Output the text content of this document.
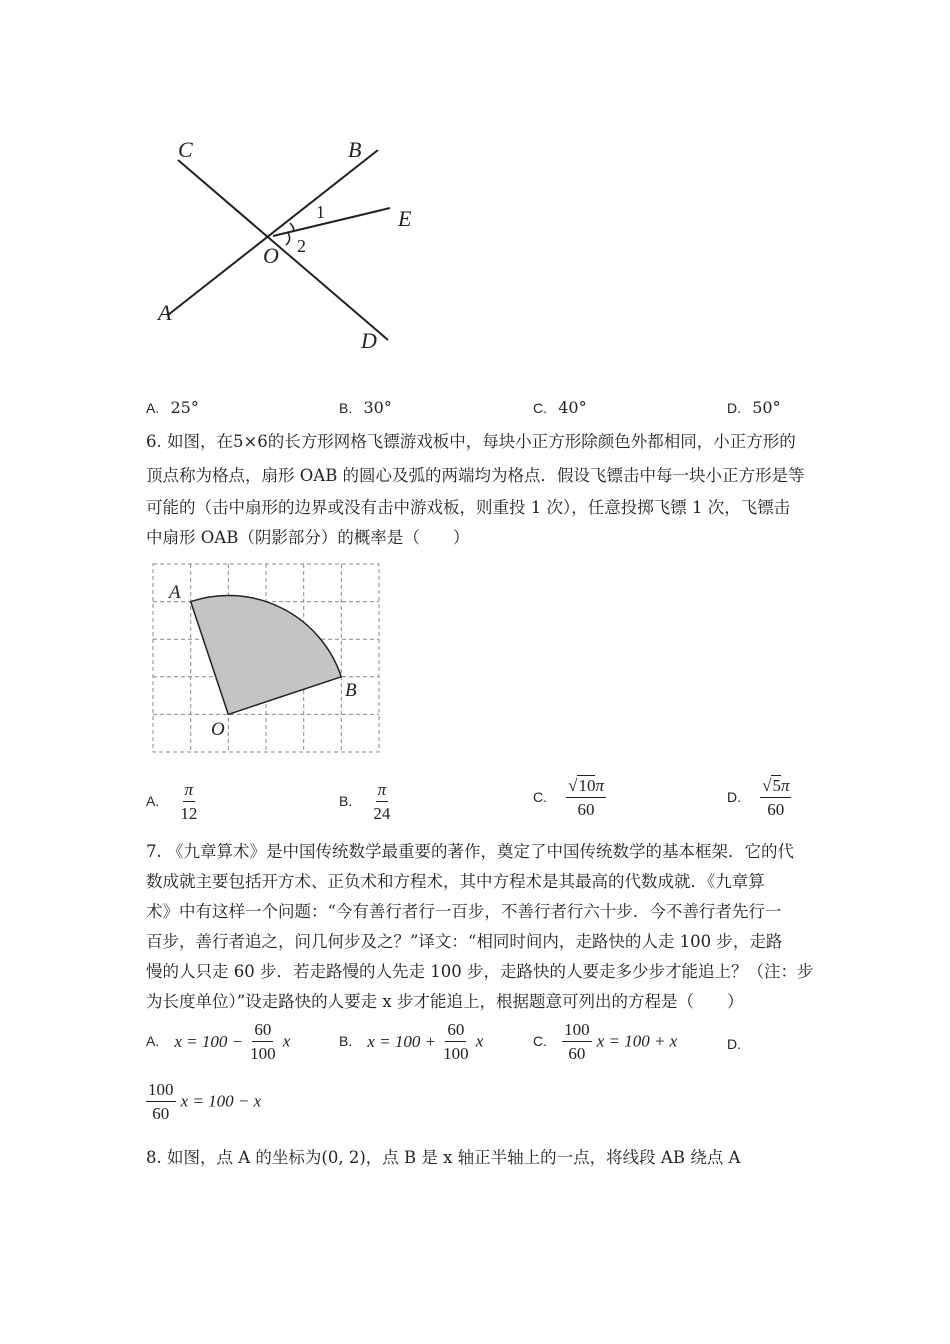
C	B
E
O
A
D
1
2
A. 25°	B. 30°	C. 40°	D. 50°
6. 如图，在5×6的长方形网格飞镖游戏板中，每块小正方形除颜色外都相同，小正方形的
顶点称为格点，扇形 OAB 的圆心及弧的两端均为格点．假设飞镖击中每一块小正方形是等
可能的（击中扇形的边界或没有击中游戏板，则重投 1 次），任意投掷飞镖 1 次，飞镖击
中扇形 OAB（阴影部分）的概率是（　　）
A
B
O
A. $\frac{\pi}{12}$	B. $\frac{\pi}{24}$	C. $\frac{√10\pi}{60}$	D. $\frac{√5\pi}{60}$
7. 《九章算术》是中国传统数学最重要的著作，奠定了中国传统数学的基本框架．它的代
数成就主要包括开方术、正负术和方程术，其中方程术是其最高的代数成就．《九章算
术》中有这样一个问题：“今有善行者行一百步，不善行者行六十步．今不善行者先行一
百步，善行者追之，问几何步及之？”译文：“相同时间内，走路快的人走 100 步，走路
慢的人只走 60 步．若走路慢的人先走 100 步，走路快的人要走多少步才能追上？（注：步
为长度单位）”设走路快的人要走 x 步才能追上，根据题意可列出的方程是（　　）
A. $x = 100 - \frac{60}{100}$ x	B. $x = 100 + \frac{60}{100}$ x	C. $\frac{100}{60}$ x = 100 + x	D.
$\frac{100}{60}$ x = 100 − x
8. 如图，点 A 的坐标为(0, 2)，点 B 是 x 轴正半轴上的一点，将线段 AB 绕点 A
